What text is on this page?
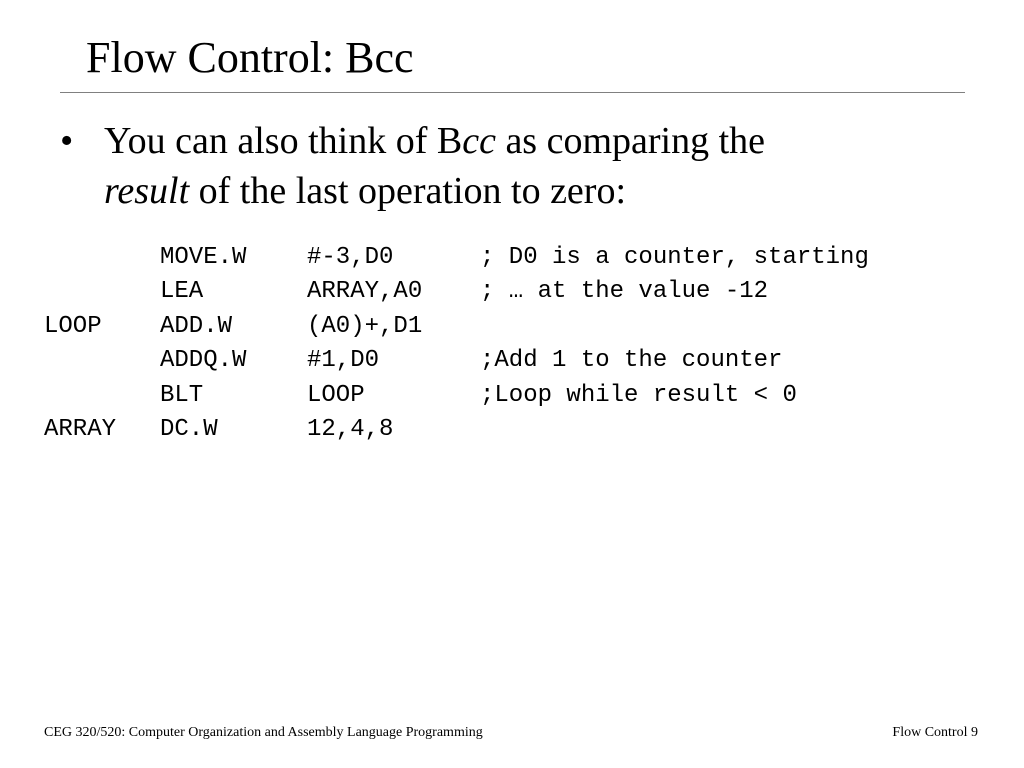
Flow Control: Bcc
• You can also think of Bcc as comparing the
result of the last operation to zero:
MOVE.W	#-3,D0	; D0 is a counter, starting
LEA	ARRAY,A0 ; … at the value -12
LOOP ADD.W	(A0)+,D1
ADDQ.W	#1,D0	;Add 1 to the counter
BLT	LOOP	;Loop while result < 0
ARRAY DC.W	12,4,8
CEG 320/520: Computer Organization and Assembly Language Programming	Flow Control 9
